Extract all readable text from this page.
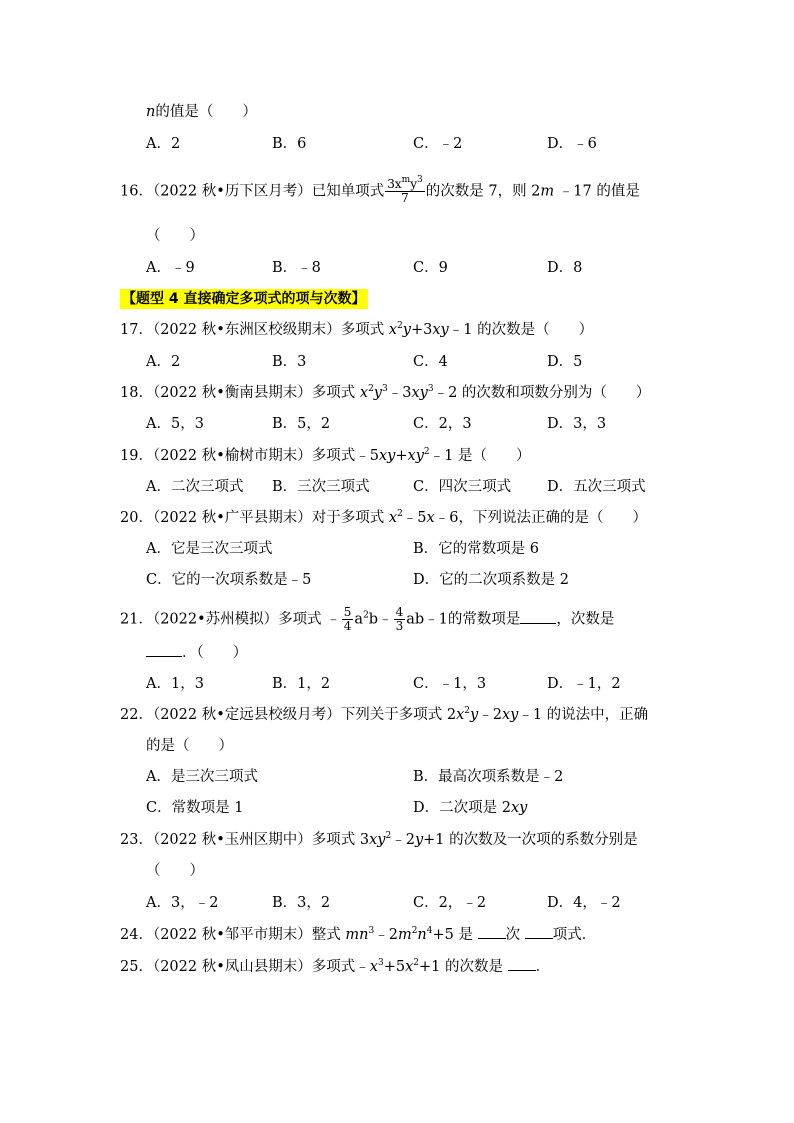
n的值是（　　）
A．2	B．6	C．﹣2	D．﹣6
16．（2022 秋•历下区月考）已知单项式 $\frac{3x^my^3}{7}$ 的次数是 7，则 2m ﹣17 的值是
（　　）
A．﹣9	B．﹣8	C．9	D．8
【题型 4 直接确定多项式的项与次数】
17．（2022 秋•东洲区校级期末）多项式 $x^2y+3xy﹣1$ 的次数是（　　）
A．2	B．3	C．4	D．5
18．（2022 秋•衡南县期末）多项式 $x^2y^3﹣3xy^3﹣2$ 的次数和项数分别为（　　）
A．5，3	B．5，2	C．2，3	D．3，3
19．（2022 秋•榆树市期末）多项式$﹣5xy+xy^2﹣1$ 是（　　）
A．二次三项式 B．三次三项式	C．四次三项式 D．五次三项式
20．（2022 秋•广平县期末）对于多项式 $x^2﹣5x﹣6$，下列说法正确的是（　　）
A．它是三次三项式	B．它的常数项是 6
C．它的一次项系数是﹣5	D．它的二次项系数是 2
21．（2022•苏州模拟）多项式 ﹣ $\frac{5}{4}$ $a^2b﹣ \frac{4}{3}$ ab﹣1的常数项是 ，次数是
．（　　）
A．1，3	B．1，2	C．﹣1，3	D．﹣1，2
22．（2022 秋•定远县校级月考）下列关于多项式 $2x^2y﹣2xy﹣1$ 的说法中，正确
的是（　　）
A．是三次三项式	B．最高次项系数是﹣2
C．常数项是 1	D．二次项是 2xy
23．（2022 秋•玉州区期中）多项式 $3xy^2﹣2y+1$ 的次数及一次项的系数分别是
（　　）
A．3，﹣2	B．3，2	C．2，﹣2	D．4，﹣2
24．（2022 秋•邹平市期末）整式 $mn^3﹣2m^2n^4+5$ 是 次 项式．
25．（2022 秋•凤山县期末）多项式$﹣x^3+5x^2+1$ 的次数是 ．
